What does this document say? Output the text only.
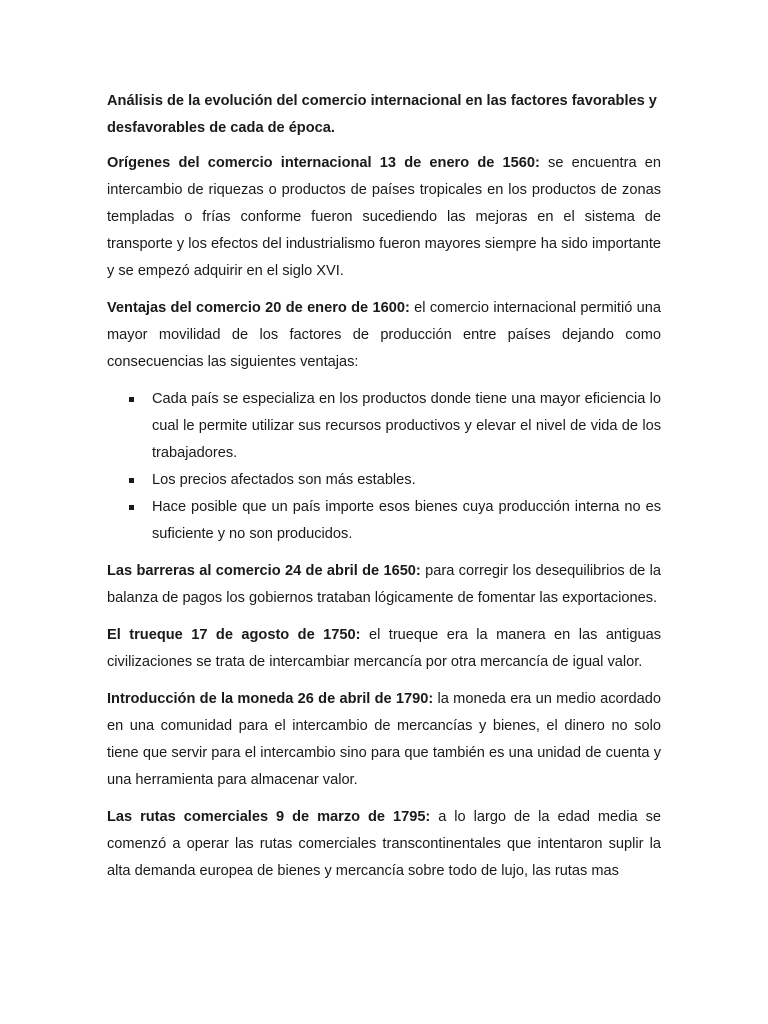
Análisis de la evolución del comercio internacional en las factores favorables y desfavorables de cada de época.

Orígenes del comercio internacional 13 de enero de 1560: se encuentra en intercambio de riquezas o productos de países tropicales en los productos de zonas templadas o frías conforme fueron sucediendo las mejoras en el sistema de transporte y los efectos del industrialismo fueron mayores siempre ha sido importante y se empezó adquirir en el siglo XVI.

Ventajas del comercio 20 de enero de 1600: el comercio internacional permitió una mayor movilidad de los factores de producción entre países dejando como consecuencias las siguientes ventajas:

Cada país se especializa en los productos donde tiene una mayor eficiencia lo cual le permite utilizar sus recursos productivos y elevar el nivel de vida de los trabajadores.
Los precios afectados son más estables.
Hace posible que un país importe esos bienes cuya producción interna no es suficiente y no son producidos.

Las barreras al comercio 24 de abril de 1650: para corregir los desequilibrios de la balanza de pagos los gobiernos trataban lógicamente de fomentar las exportaciones.

El trueque 17 de agosto de 1750: el trueque era la manera en las antiguas civilizaciones se trata de intercambiar mercancía por otra mercancía de igual valor.

Introducción de la moneda 26 de abril de 1790: la moneda era un medio acordado en una comunidad para el intercambio de mercancías y bienes, el dinero no solo tiene que servir para el intercambio sino para que también es una unidad de cuenta y una herramienta para almacenar valor.

Las rutas comerciales 9 de marzo de 1795: a lo largo de la edad media se comenzó a operar las rutas comerciales transcontinentales que intentaron suplir la alta demanda europea de bienes y mercancía sobre todo de lujo, las rutas mas
